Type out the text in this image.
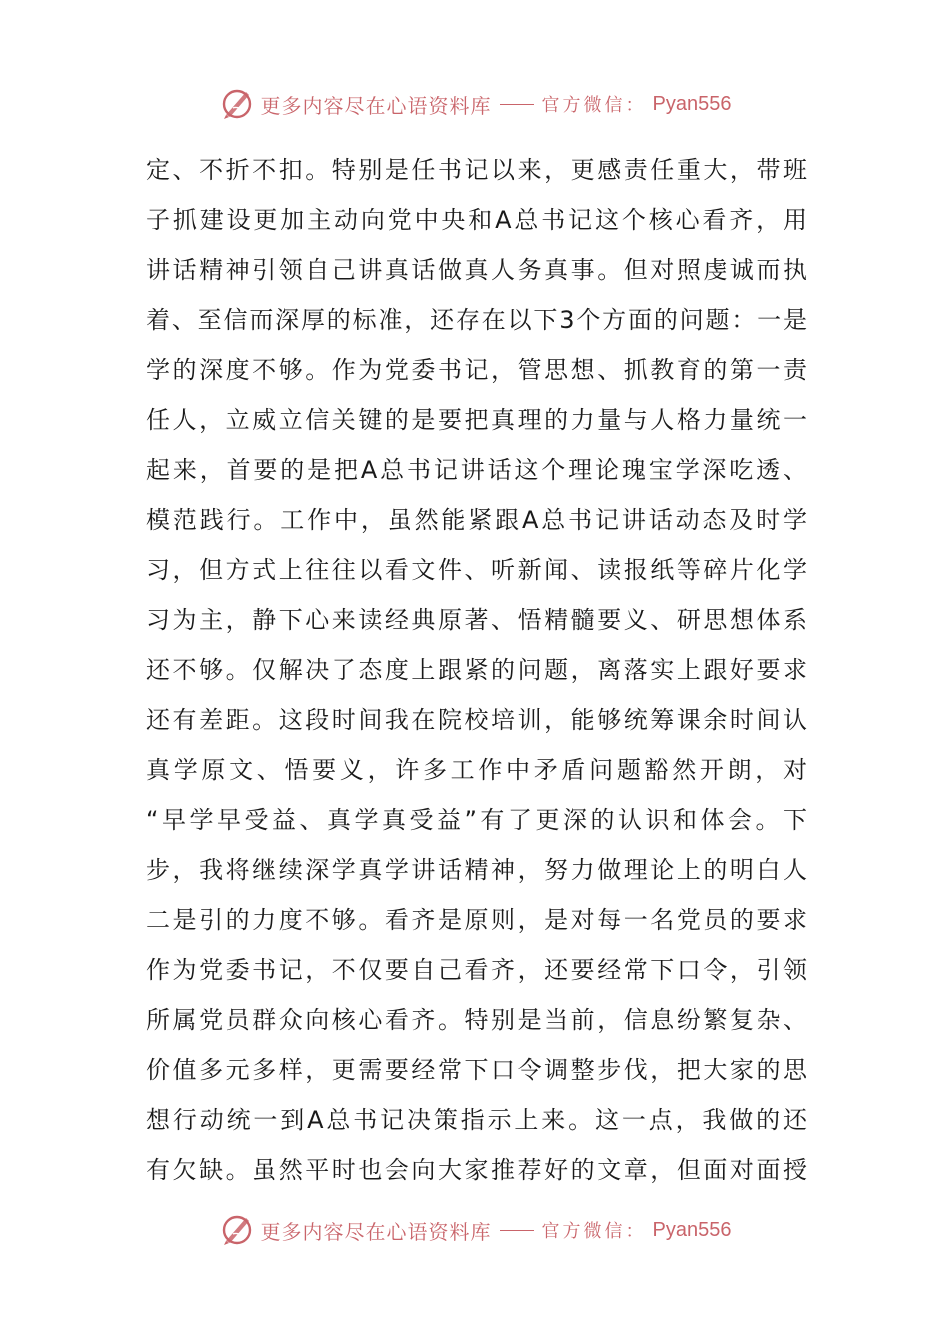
更多内容尽在心语资料库	官方微信： Pyan556
定、不折不扣。特别是任书记以来，更感责任重大，带班
子抓建设更加主动向党中央和A总书记这个核心看齐，用
讲话精神引领自己讲真话做真人务真事。但对照虔诚而执
着、至信而深厚的标准，还存在以下3个方面的问题：一是
学的深度不够。作为党委书记，管思想、抓教育的第一责
任人，立威立信关键的是要把真理的力量与人格力量统一
起来，首要的是把A总书记讲话这个理论瑰宝学深吃透、
模范践行。工作中，虽然能紧跟A总书记讲话动态及时学
习，但方式上往往以看文件、听新闻、读报纸等碎片化学
习为主，静下心来读经典原著、悟精髓要义、研思想体系
还不够。仅解决了态度上跟紧的问题，离落实上跟好要求
还有差距。这段时间我在院校培训，能够统筹课余时间认
真学原文、悟要义，许多工作中矛盾问题豁然开朗，对
“早学早受益、真学真受益”有了更深的认识和体会。下
步，我将继续深学真学讲话精神，努力做理论上的明白人
二是引的力度不够。看齐是原则，是对每一名党员的要求
作为党委书记，不仅要自己看齐，还要经常下口令，引领
所属党员群众向核心看齐。特别是当前，信息纷繁复杂、
价值多元多样，更需要经常下口令调整步伐，把大家的思
想行动统一到A总书记决策指示上来。这一点，我做的还
有欠缺。虽然平时也会向大家推荐好的文章，但面对面授
更多内容尽在心语资料库	官方微信： Pyan556
